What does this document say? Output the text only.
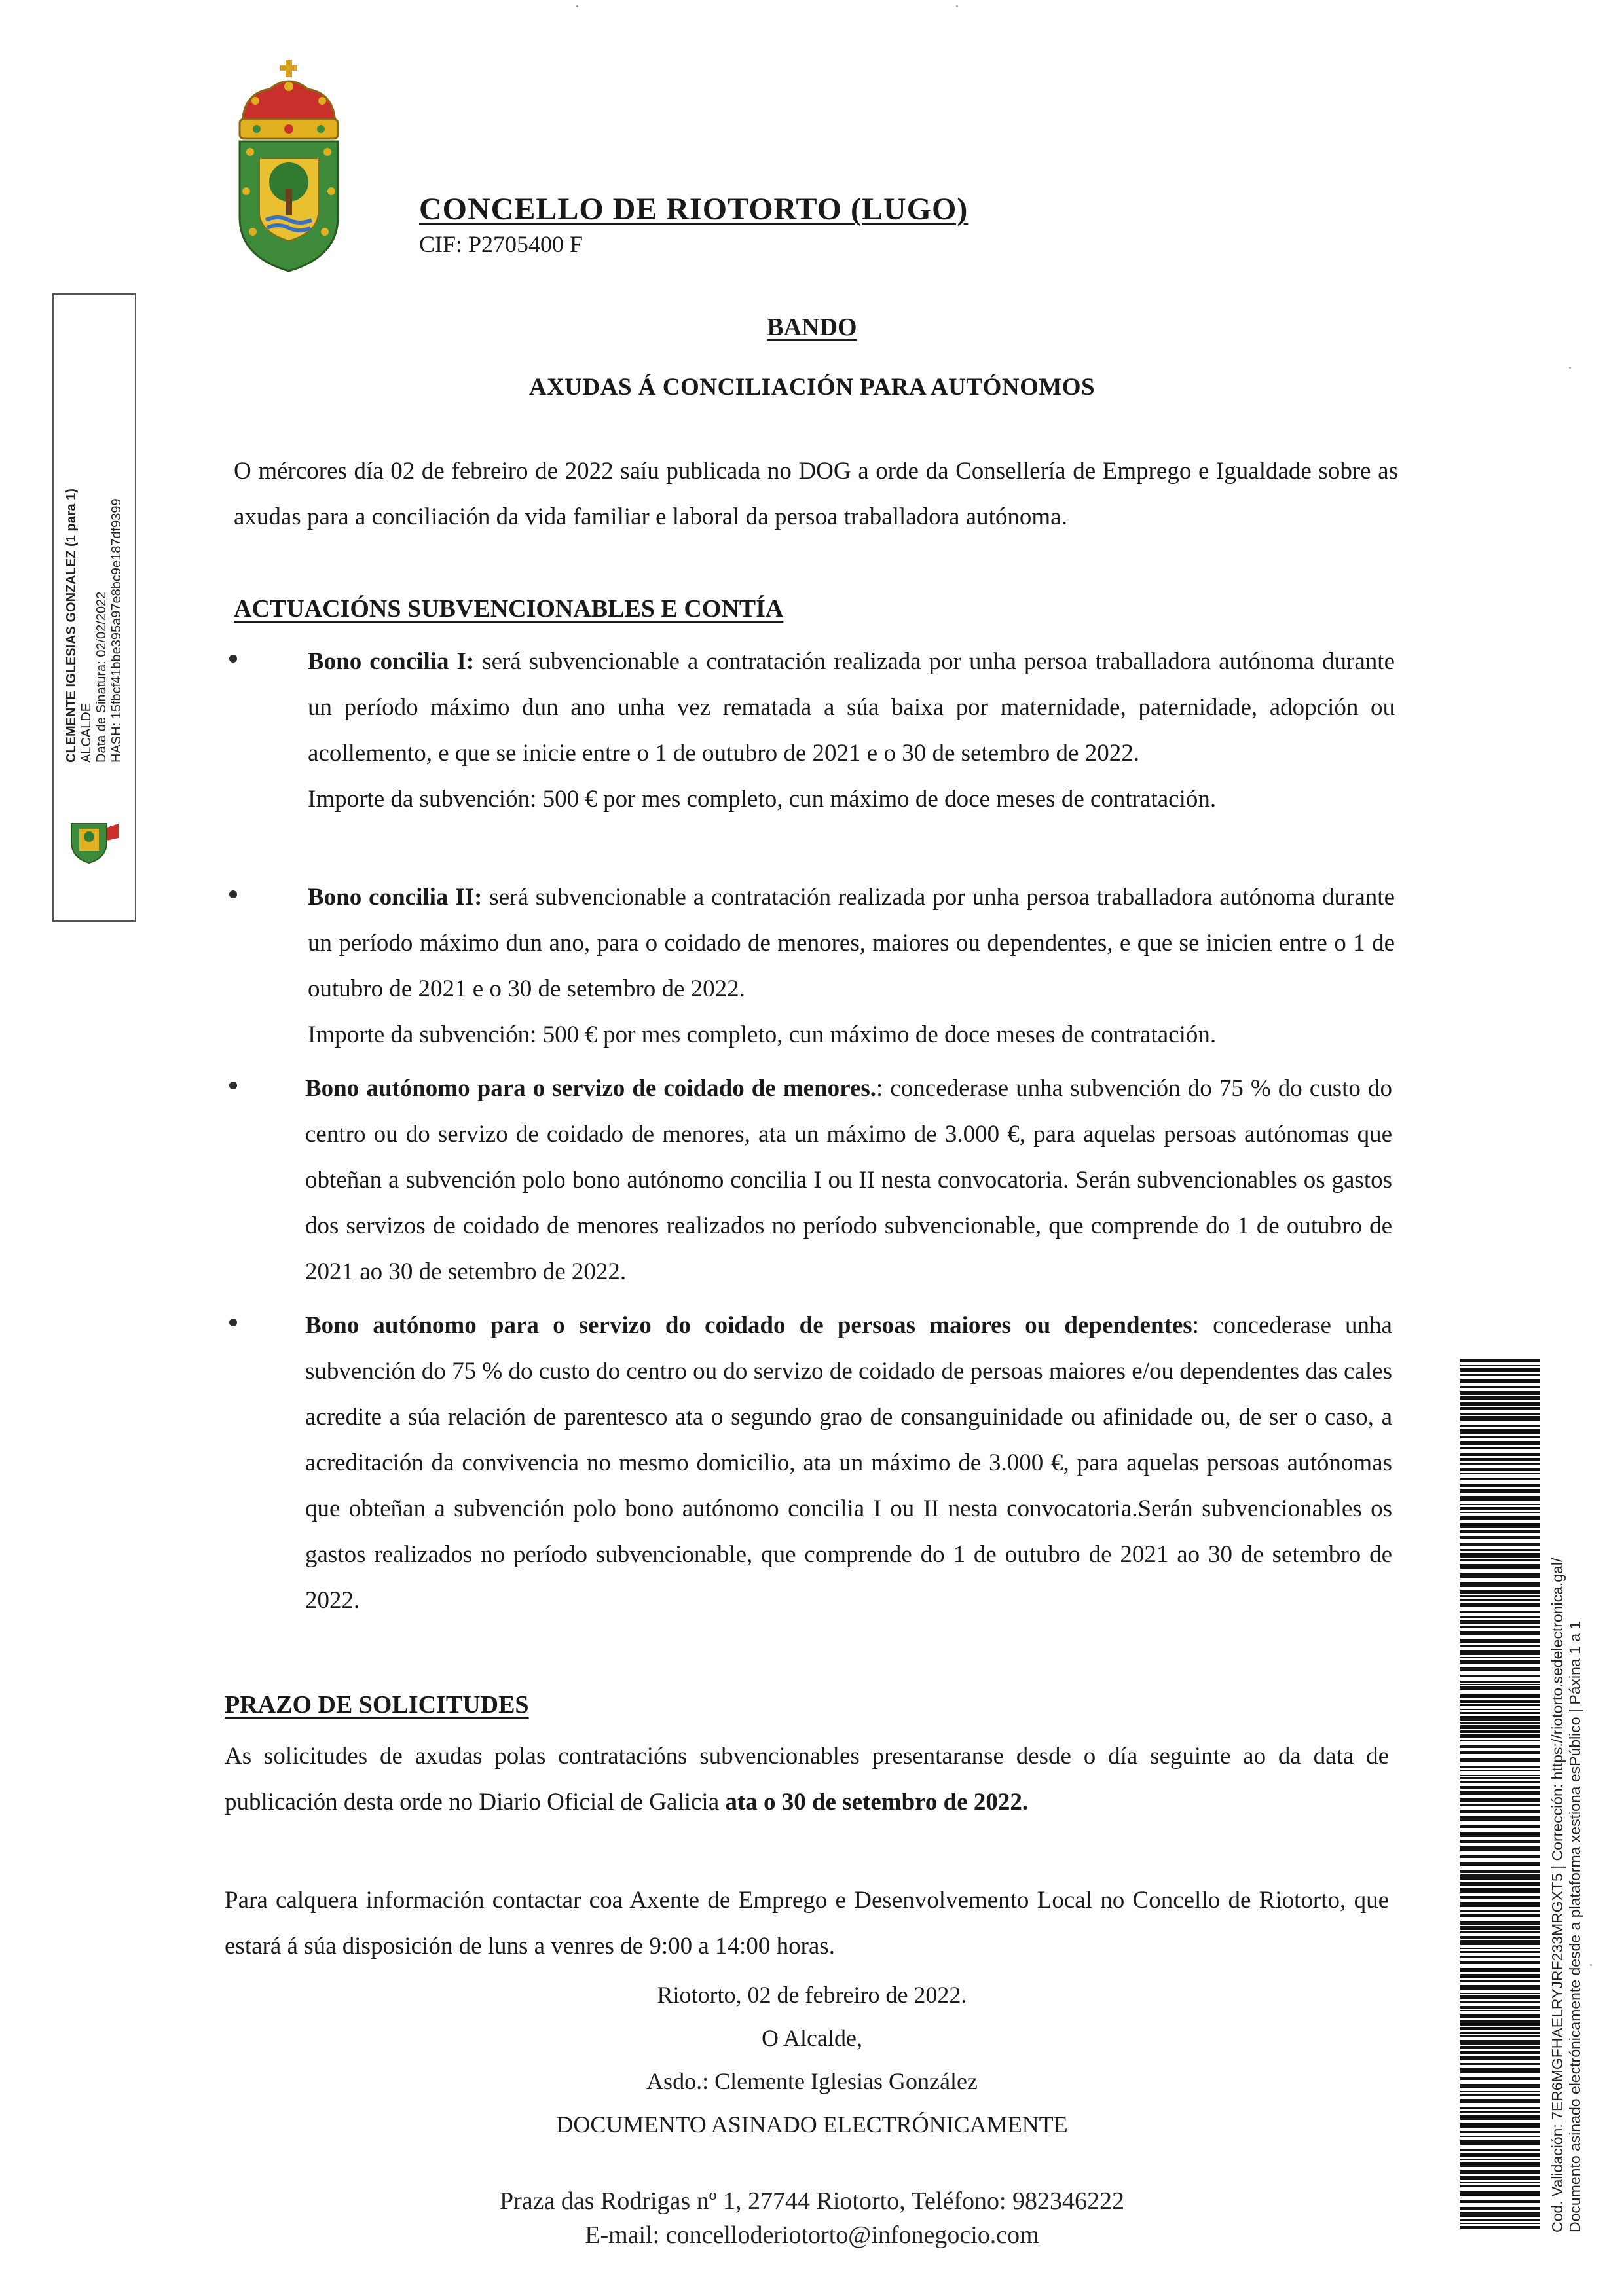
CONCELLO DE RIOTORTO (LUGO)
CIF: P2705400 F
CLEMENTE IGLESIAS GONZALEZ (1 para 1) ALCALDE Data de Sinatura: 02/02/2022 HASH: 15fbcf41bbe395a97e8bc9e187df9399
BANDO
AXUDAS Á CONCILIACIÓN PARA AUTÓNOMOS
O mércores día 02 de febreiro de 2022 saíu publicada no DOG a orde da Consellería de Emprego e Igualdade sobre as axudas para a conciliación da vida familiar e laboral da persoa traballadora autónoma.
ACTUACIÓNS SUBVENCIONABLES E CONTÍA
Bono concilia I: será subvencionable a contratación realizada por unha persoa traballadora autónoma durante un período máximo dun ano unha vez rematada a súa baixa por maternidade, paternidade, adopción ou acollemento, e que se inicie entre o 1 de outubro de 2021 e o 30 de setembro de 2022.
Importe da subvención: 500 € por mes completo, cun máximo de doce meses de contratación.
Bono concilia II: será subvencionable a contratación realizada por unha persoa traballadora autónoma durante un período máximo dun ano, para o coidado de menores, maiores ou dependentes, e que se inicien entre o 1 de outubro de 2021 e o 30 de setembro de 2022.
Importe da subvención: 500 € por mes completo, cun máximo de doce meses de contratación.
Bono autónomo para o servizo de coidado de menores.: concederase unha subvención do 75 % do custo do centro ou do servizo de coidado de menores, ata un máximo de 3.000 €, para aquelas persoas autónomas que obteñan a subvención polo bono autónomo concilia I ou II nesta convocatoria. Serán subvencionables os gastos dos servizos de coidado de menores realizados no período subvencionable, que comprende do 1 de outubro de 2021 ao 30 de setembro de 2022.
Bono autónomo para o servizo do coidado de persoas maiores ou dependentes: concederase unha subvención do 75 % do custo do centro ou do servizo de coidado de persoas maiores e/ou dependentes das cales acredite a súa relación de parentesco ata o segundo grao de consanguinidade ou afinidade ou, de ser o caso, a acreditación da convivencia no mesmo domicilio, ata un máximo de 3.000 €, para aquelas persoas autónomas que obteñan a subvención polo bono autónomo concilia I ou II nesta convocatoria.Serán subvencionables os gastos realizados no período subvencionable, que comprende do 1 de outubro de 2021 ao 30 de setembro de 2022.
PRAZO DE SOLICITUDES
As solicitudes de axudas polas contratacións subvencionables presentaranse desde o día seguinte ao da data de publicación desta orde no Diario Oficial de Galicia ata o 30 de setembro de 2022.
Para calquera información contactar coa Axente de Emprego e Desenvolvemento Local no Concello de Riotorto, que estará á súa disposición de luns a venres de 9:00 a 14:00 horas.
Riotorto, 02 de febreiro de 2022.
O Alcalde,
Asdo.: Clemente Iglesias González
DOCUMENTO ASINADO ELECTRÓNICAMENTE
Praza das Rodrigas nº 1, 27744 Riotorto, Teléfono: 982346222
E-mail: concelloderiotorto@infonegocio.com
Cod. Validación: 7ER6MGFHAELRYJRF233MRGXT5 | Corrección: https://riotorto.sedelectronica.gal/ Documento asinado electrónicamente desde a plataforma xestiona esPúblico | Páxina 1 a 1
